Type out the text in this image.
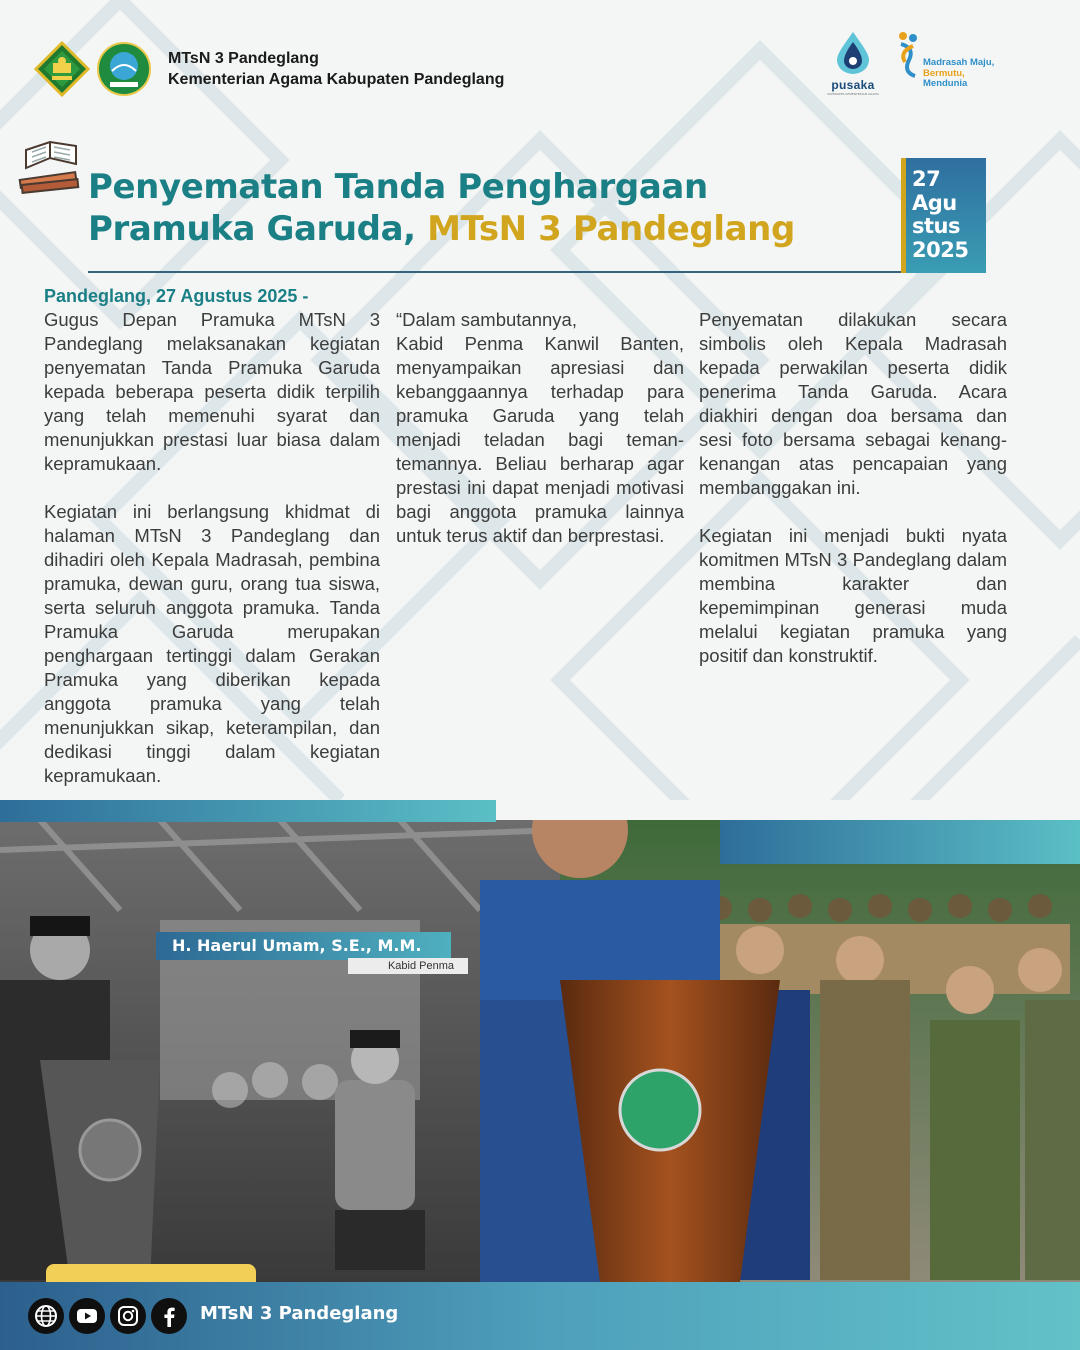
MTsN 3 Pandeglang
Kementerian Agama Kabupaten Pandeglang	pusaka
SUPERAPPS KEMENTERIAN AGAMA
Madrasah Maju,
Bermutu,
Mendunia
Penyematan Tanda Penghargaan
Pramuka Garuda, MTsN 3 Pandeglang
27
Agu
stus
2025
Pandeglang, 27 Agustus 2025 -

Gugus Depan Pramuka MTsN 3 Pandeglang melaksanakan kegiatan penyematan Tanda Pramuka Garuda kepada beberapa peserta didik terpilih yang telah memenuhi syarat dan menunjukkan prestasi luar biasa dalam kepramukaan.

Kegiatan ini berlangsung khidmat di halaman MTsN 3 Pandeglang dan dihadiri oleh Kepala Madrasah, pembina pramuka, dewan guru, orang tua siswa, serta seluruh anggota pramuka. Tanda Pramuka Garuda merupakan penghargaan tertinggi dalam Gerakan Pramuka yang diberikan kepada anggota pramuka yang telah menunjukkan sikap, keterampilan, dan dedikasi tinggi dalam kegiatan kepramukaan.

“Dalam sambutannya,

Kabid Penma Kanwil Banten, menyampaikan apresiasi dan kebanggaannya terhadap para pramuka Garuda yang telah menjadi teladan bagi teman-temannya. Beliau berharap agar prestasi ini dapat menjadi motivasi bagi anggota pramuka lainnya untuk terus aktif dan berprestasi.

Penyematan dilakukan secara simbolis oleh Kepala Madrasah kepada perwakilan peserta didik penerima Tanda Garuda. Acara diakhiri dengan doa bersama dan sesi foto bersama sebagai kenang-kenangan atas pencapaian yang membanggakan ini.

Kegiatan ini menjadi bukti nyata komitmen MTsN 3 Pandeglang dalam membina karakter dan kepemimpinan generasi muda melalui kegiatan pramuka yang positif dan konstruktif.

H. Haerul Umam, S.E., M.M.
Kabid Penma
MTsN 3 Pandeglang
